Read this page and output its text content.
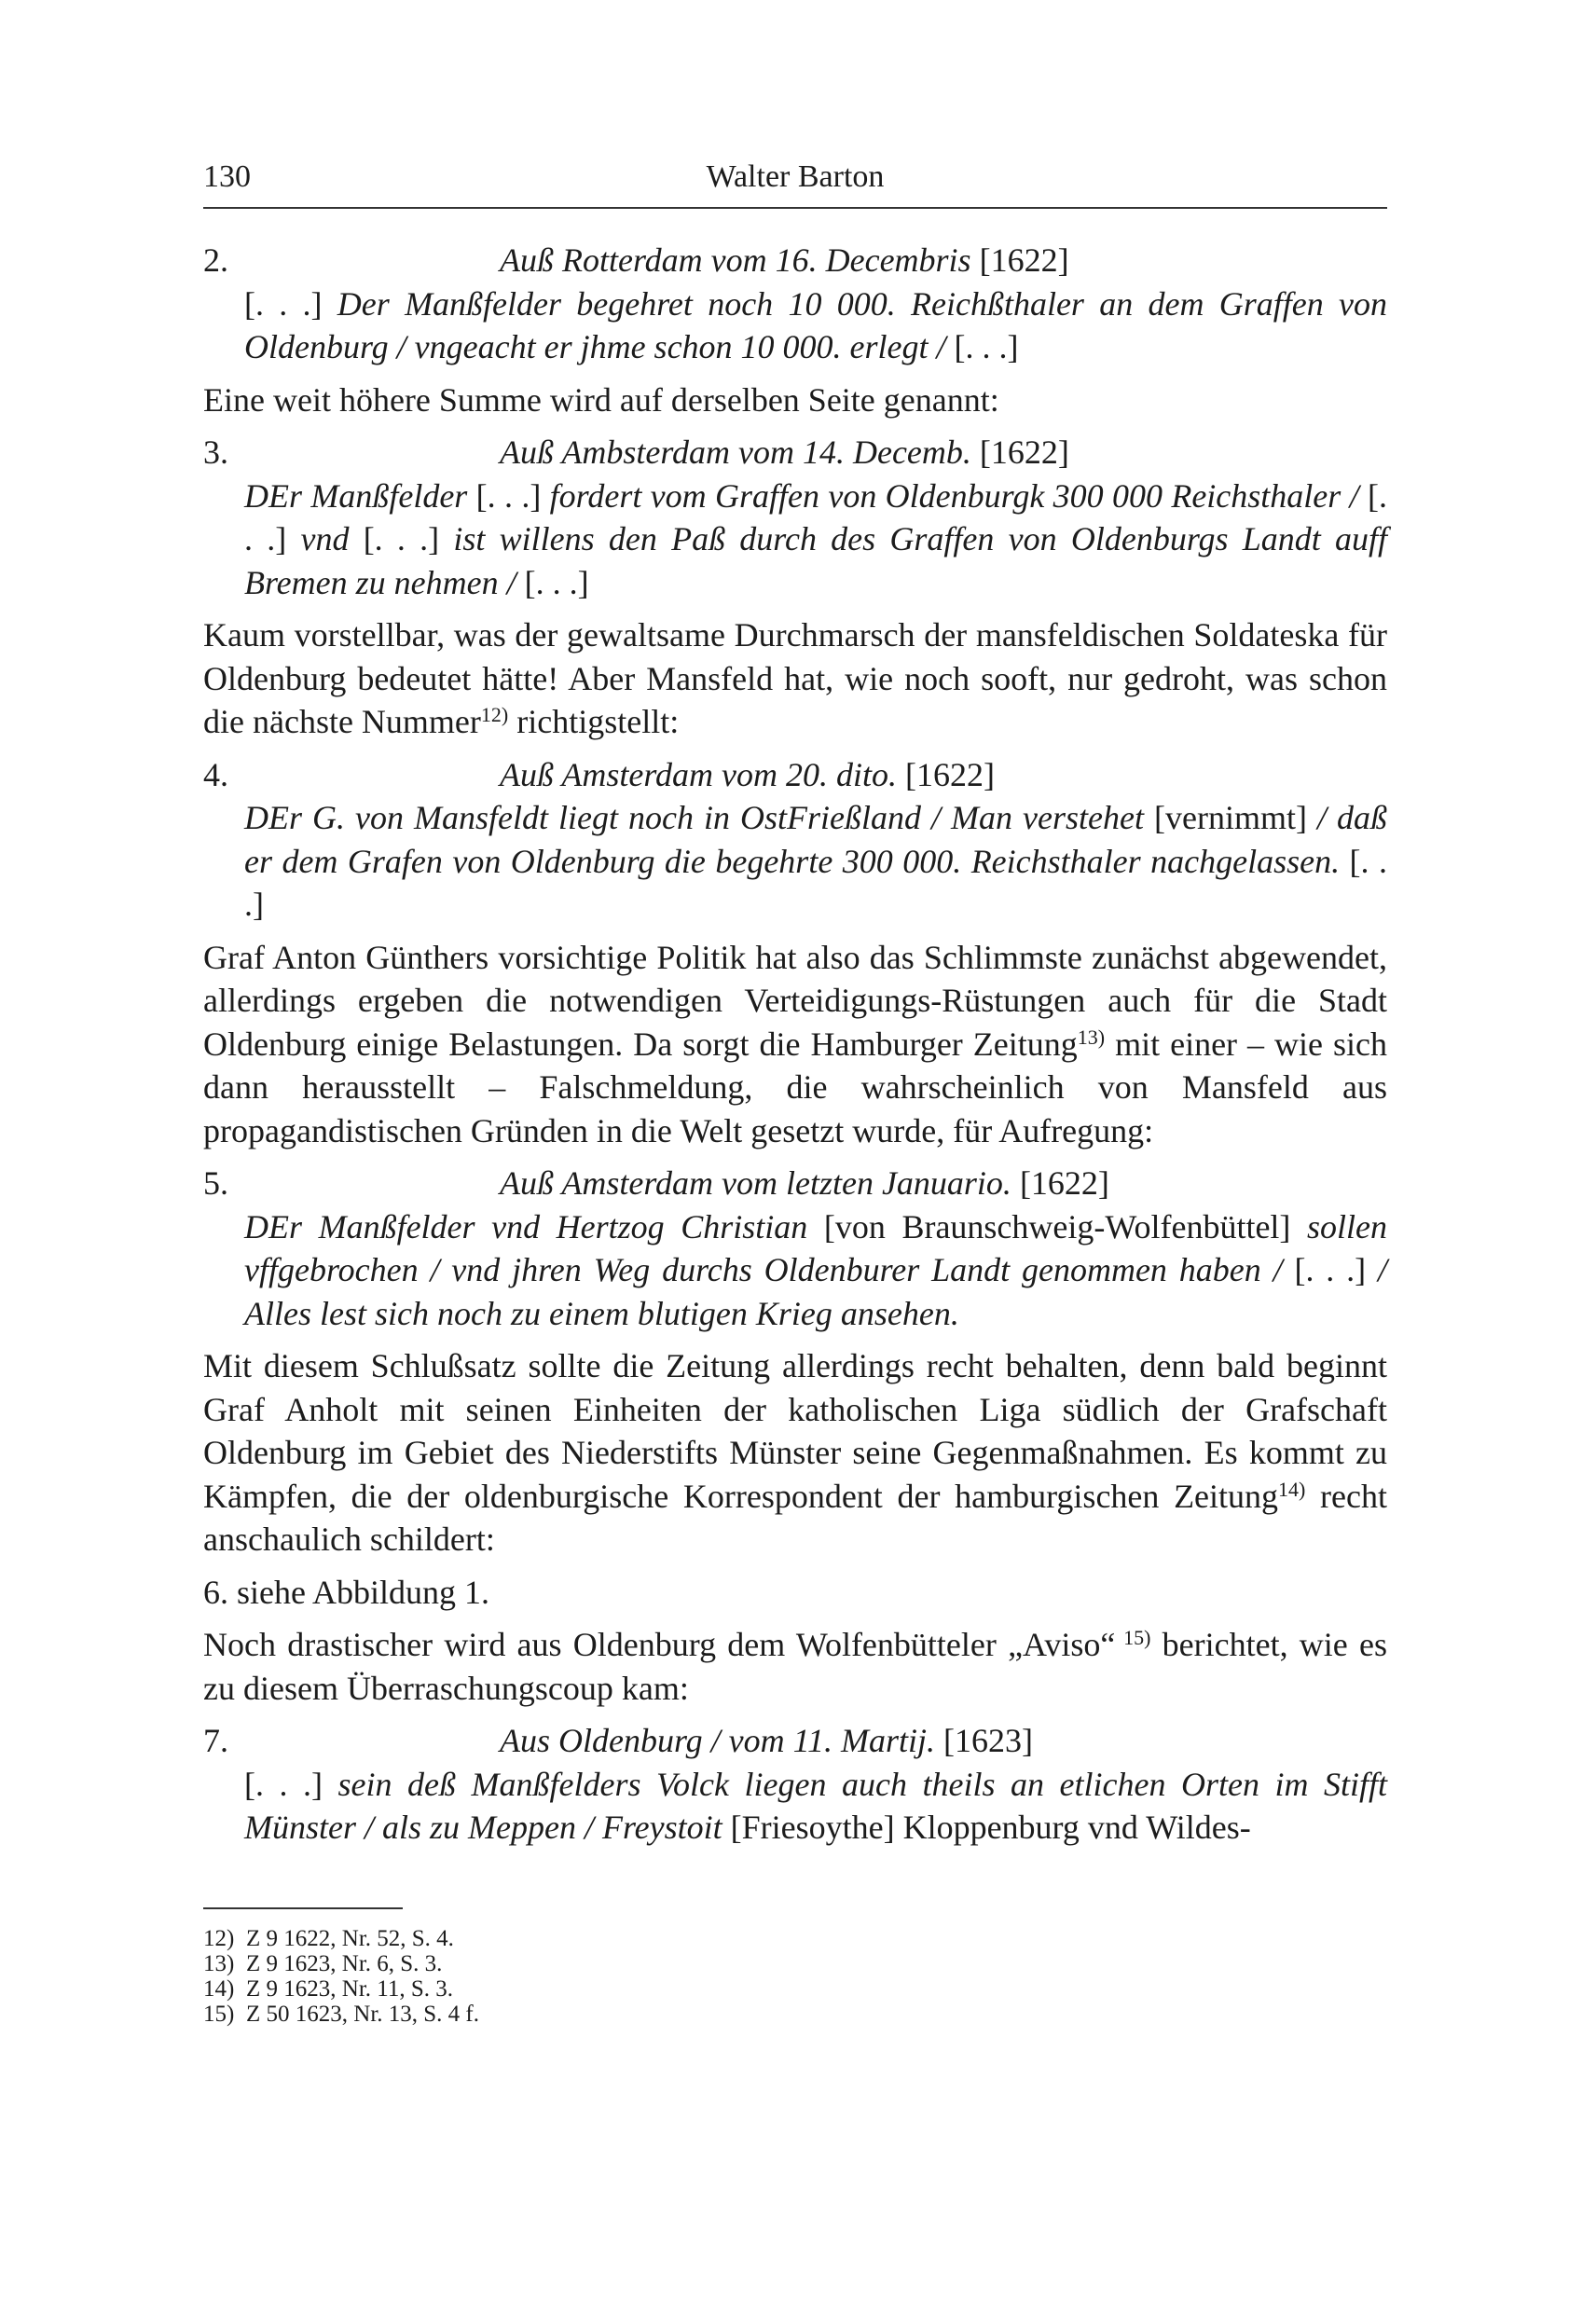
130	Walter Barton
2.	Auß Rotterdam vom 16. Decembris [1622]

[. . .] Der Manßfelder begehret noch 10 000. Reichßthaler an dem Graffen von Oldenburg / vngeacht er jhme schon 10 000. erlegt / [. . .]

Eine weit höhere Summe wird auf derselben Seite genannt:

3.	Auß Ambsterdam vom 14. Decemb. [1622]

DEr Manßfelder [. . .] fordert vom Graffen von Oldenburgk 300 000 Reichsthaler / [. . .] vnd [. . .] ist willens den Paß durch des Graffen von Oldenburgs Landt auff Bremen zu nehmen / [. . .]

Kaum vorstellbar, was der gewaltsame Durchmarsch der mansfeldischen Soldateska für Oldenburg bedeutet hätte! Aber Mansfeld hat, wie noch sooft, nur gedroht, was schon die nächste Nummer$^{12)}$ richtigstellt:

4.	Auß Amsterdam vom 20. dito. [1622]

DEr G. von Mansfeldt liegt noch in OstFrießland / Man verstehet [vernimmt] / daß er dem Grafen von Oldenburg die begehrte 300 000. Reichsthaler nachgelassen. [. . .]

Graf Anton Günthers vorsichtige Politik hat also das Schlimmste zunächst abgewendet, allerdings ergeben die notwendigen Verteidigungs-Rüstungen auch für die Stadt Oldenburg einige Belastungen. Da sorgt die Hamburger Zeitung$^{13)}$ mit einer – wie sich dann herausstellt – Falschmeldung, die wahrscheinlich von Mansfeld aus propagandistischen Gründen in die Welt gesetzt wurde, für Aufregung:

5.	Auß Amsterdam vom letzten Januario. [1622]

DEr Manßfelder vnd Hertzog Christian [von Braunschweig-Wolfenbüttel] sollen vffgebrochen / vnd jhren Weg durchs Oldenburer Landt genommen haben / [. . .] / Alles lest sich noch zu einem blutigen Krieg ansehen.

Mit diesem Schlußsatz sollte die Zeitung allerdings recht behalten, denn bald beginnt Graf Anholt mit seinen Einheiten der katholischen Liga südlich der Grafschaft Oldenburg im Gebiet des Niederstifts Münster seine Gegenmaßnahmen. Es kommt zu Kämpfen, die der oldenburgische Korrespondent der hamburgischen Zeitung$^{14)}$ recht anschaulich schildert:

6. siehe Abbildung 1.

Noch drastischer wird aus Oldenburg dem Wolfenbütteler „Aviso“ $^{15)}$ berichtet, wie es zu diesem Überraschungscoup kam:

7.	Aus Oldenburg / vom 11. Martij. [1623]

[. . .] sein deß Manßfelders Volck liegen auch theils an etlichen Orten im Stifft Münster / als zu Meppen / Freystoit [Friesoythe] Kloppenburg vnd Wildes-

12) Z 9 1622, Nr. 52, S. 4.
13) Z 9 1623, Nr. 6, S. 3.
14) Z 9 1623, Nr. 11, S. 3.
15) Z 50 1623, Nr. 13, S. 4 f.
